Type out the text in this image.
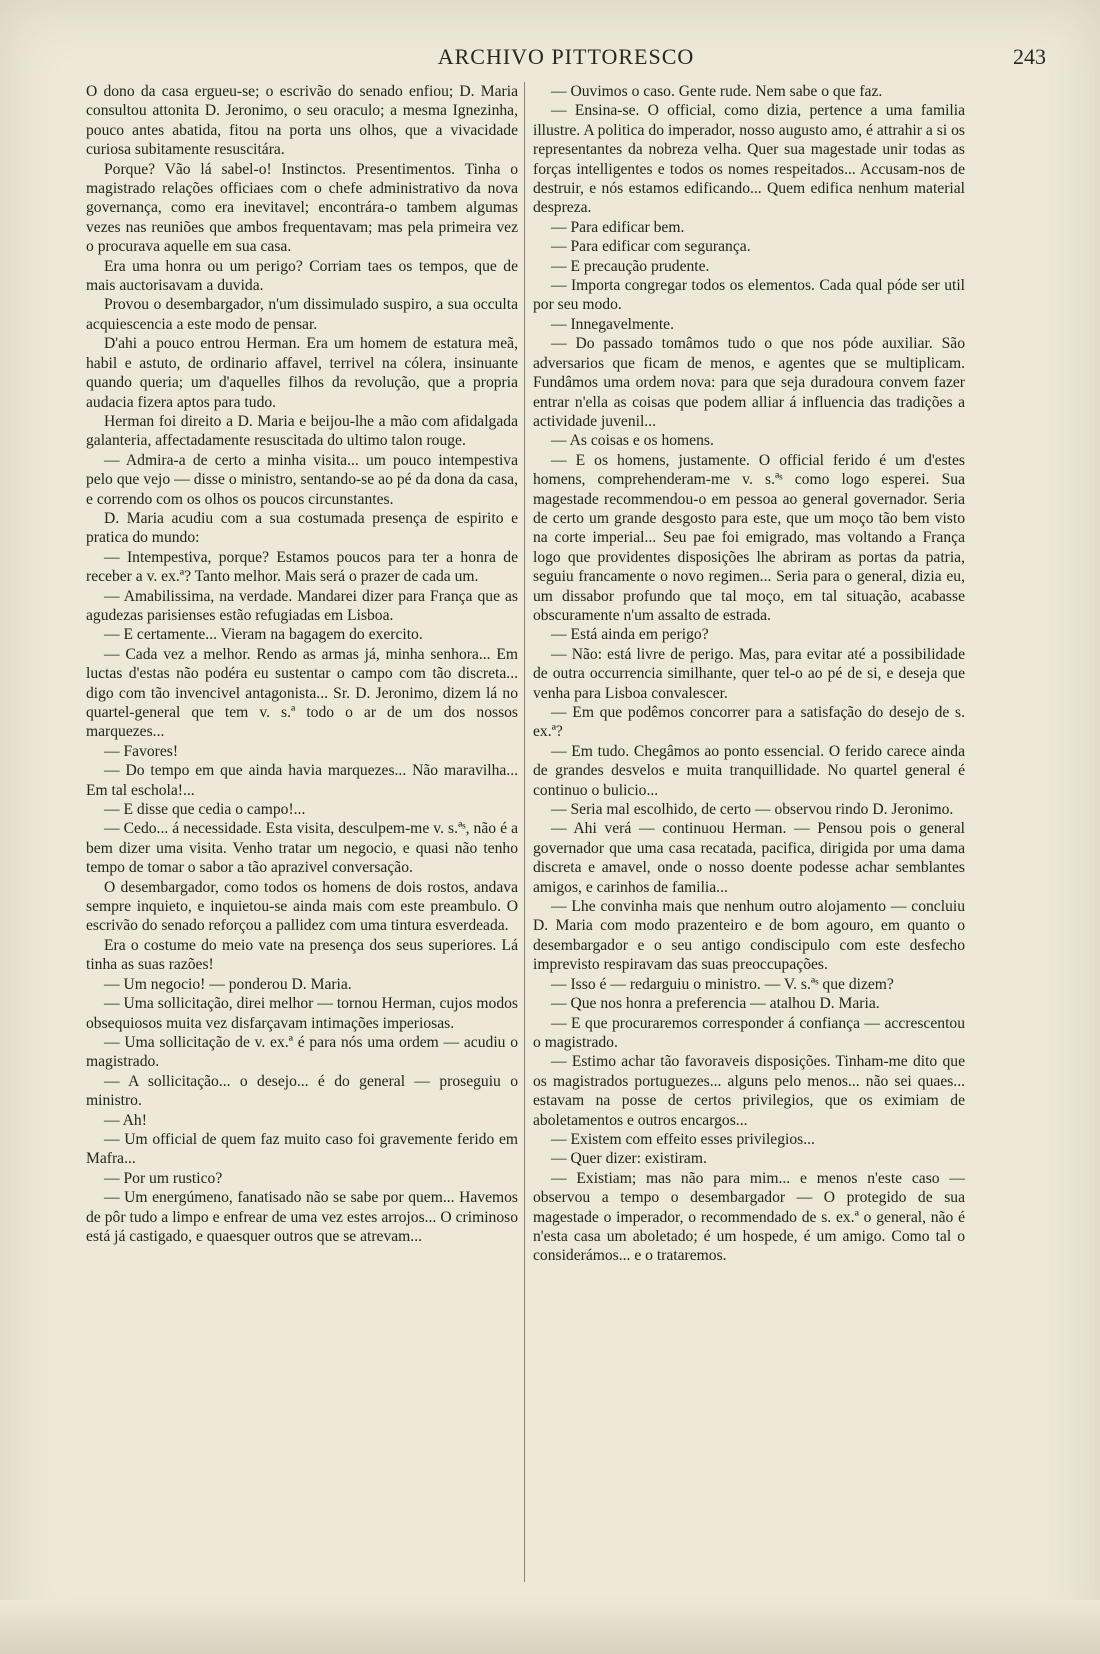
ARCHIVO PITTORESCO	243

O dono da casa ergueu-se; o escrivão do senado enfiou; D. Maria consultou attonita D. Jeronimo, o seu oraculo; a mesma Ignezinha, pouco antes abatida, fitou na porta uns olhos, que a vivacidade curiosa subitamente resuscitára.

Porque? Vão lá sabel-o! Instinctos. Presentimentos. Tinha o magistrado relações officiaes com o chefe administrativo da nova governança, como era inevitavel; encontrára-o tambem algumas vezes nas reuniões que ambos frequentavam; mas pela primeira vez o procurava aquelle em sua casa.

Era uma honra ou um perigo? Corriam taes os tempos, que de mais auctorisavam a duvida.

Provou o desembargador, n'um dissimulado suspiro, a sua occulta acquiescencia a este modo de pensar.

D'ahi a pouco entrou Herman. Era um homem de estatura meã, habil e astuto, de ordinario affavel, terrivel na cólera, insinuante quando queria; um d'aquelles filhos da revolução, que a propria audacia fizera aptos para tudo.

Herman foi direito a D. Maria e beijou-lhe a mão com afidalgada galanteria, affectadamente resuscitada do ultimo talon rouge.

— Admira-a de certo a minha visita... um pouco intempestiva pelo que vejo — disse o ministro, sentando-se ao pé da dona da casa, e correndo com os olhos os poucos circunstantes.

D. Maria acudiu com a sua costumada presença de espirito e pratica do mundo:

— Intempestiva, porque? Estamos poucos para ter a honra de receber a v. ex.ª? Tanto melhor. Mais será o prazer de cada um.

— Amabilissima, na verdade. Mandarei dizer para França que as agudezas parisienses estão refugiadas em Lisboa.

— E certamente... Vieram na bagagem do exercito.

— Cada vez a melhor. Rendo as armas já, minha senhora... Em luctas d'estas não podéra eu sustentar o campo com tão discreta... digo com tão invencivel antagonista... Sr. D. Jeronimo, dizem lá no quartel-general que tem v. s.ª todo o ar de um dos nossos marquezes...

— Favores!

— Do tempo em que ainda havia marquezes... Não maravilha... Em tal eschola!...

— E disse que cedia o campo!...

— Cedo... á necessidade. Esta visita, desculpem-me v. s.ªˢ, não é a bem dizer uma visita. Venho tratar um negocio, e quasi não tenho tempo de tomar o sabor a tão aprazivel conversação.

O desembargador, como todos os homens de dois rostos, andava sempre inquieto, e inquietou-se ainda mais com este preambulo. O escrivão do senado reforçou a pallidez com uma tintura esverdeada.

Era o costume do meio vate na presença dos seus superiores. Lá tinha as suas razões!

— Um negocio! — ponderou D. Maria.

— Uma sollicitação, direi melhor — tornou Herman, cujos modos obsequiosos muita vez disfarçavam intimações imperiosas.

— Uma sollicitação de v. ex.ª é para nós uma ordem — acudiu o magistrado.

— A sollicitação... o desejo... é do general — proseguiu o ministro.

— Ah!

— Um official de quem faz muito caso foi gravemente ferido em Mafra...

— Por um rustico?

— Um energúmeno, fanatisado não se sabe por quem... Havemos de pôr tudo a limpo e enfrear de uma vez estes arrojos... O criminoso está já castigado, e quaesquer outros que se atrevam...

— Ouvimos o caso. Gente rude. Nem sabe o que faz.

— Ensina-se. O official, como dizia, pertence a uma familia illustre. A politica do imperador, nosso augusto amo, é attrahir a si os representantes da nobreza velha. Quer sua magestade unir todas as forças intelligentes e todos os nomes respeitados... Accusam-nos de destruir, e nós estamos edificando... Quem edifica nenhum material despreza.

— Para edificar bem.

— Para edificar com segurança.

— E precaução prudente.

— Importa congregar todos os elementos. Cada qual póde ser util por seu modo.

— Innegavelmente.

— Do passado tomâmos tudo o que nos póde auxiliar. São adversarios que ficam de menos, e agentes que se multiplicam. Fundâmos uma ordem nova: para que seja duradoura convem fazer entrar n'ella as coisas que podem alliar á influencia das tradições a actividade juvenil...

— As coisas e os homens.

— E os homens, justamente. O official ferido é um d'estes homens, comprehenderam-me v. s.ªˢ como logo esperei. Sua magestade recommendou-o em pessoa ao general governador. Seria de certo um grande desgosto para este, que um moço tão bem visto na corte imperial... Seu pae foi emigrado, mas voltando a França logo que providentes disposições lhe abriram as portas da patria, seguiu francamente o novo regimen... Seria para o general, dizia eu, um dissabor profundo que tal moço, em tal situação, acabasse obscuramente n'um assalto de estrada.

— Está ainda em perigo?

— Não: está livre de perigo. Mas, para evitar até a possibilidade de outra occurrencia similhante, quer tel-o ao pé de si, e deseja que venha para Lisboa convalescer.

— Em que podêmos concorrer para a satisfação do desejo de s. ex.ª?

— Em tudo. Chegâmos ao ponto essencial. O ferido carece ainda de grandes desvelos e muita tranquillidade. No quartel general é continuo o bulicio...

— Seria mal escolhido, de certo — observou rindo D. Jeronimo.

— Ahi verá — continuou Herman. — Pensou pois o general governador que uma casa recatada, pacifica, dirigida por uma dama discreta e amavel, onde o nosso doente podesse achar semblantes amigos, e carinhos de familia...

— Lhe convinha mais que nenhum outro alojamento — concluiu D. Maria com modo prazenteiro e de bom agouro, em quanto o desembargador e o seu antigo condiscipulo com este desfecho imprevisto respiravam das suas preoccupações.

— Isso é — redarguiu o ministro. — V. s.ªˢ que dizem?

— Que nos honra a preferencia — atalhou D. Maria.

— E que procuraremos corresponder á confiança — accrescentou o magistrado.

— Estimo achar tão favoraveis disposições. Tinham-me dito que os magistrados portuguezes... alguns pelo menos... não sei quaes... estavam na posse de certos privilegios, que os eximiam de aboletamentos e outros encargos...

— Existem com effeito esses privilegios...

— Quer dizer: existiram.

— Existiam; mas não para mim... e menos n'este caso — observou a tempo o desembargador — O protegido de sua magestade o imperador, o recommendado de s. ex.ª o general, não é n'esta casa um aboletado; é um hospede, é um amigo. Como tal o considerámos... e o trataremos.
